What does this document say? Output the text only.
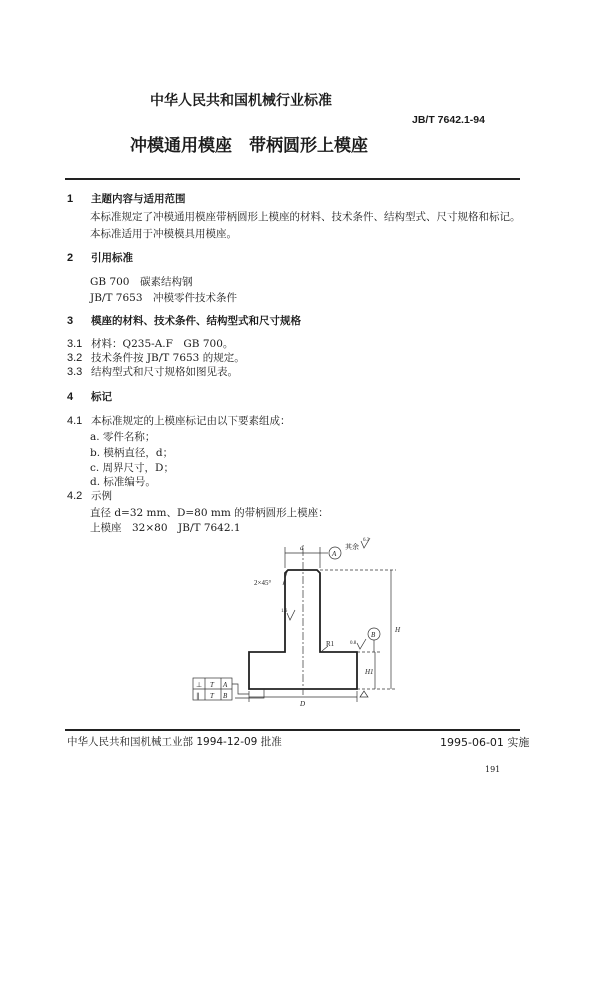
中华人民共和国机械行业标准
JB/T 7642.1-94
冲模通用模座　带柄圆形上模座
1 主题内容与适用范围
本标准规定了冲模通用模座带柄圆形上模座的材料、技术条件、结构型式、尺寸规格和标记。
本标准适用于冲模模具用模座。
2 引用标准
GB 700　碳素结构钢
JB/T 7653　冲模零件技术条件
3 模座的材料、技术条件、结构型式和尺寸规格
3.1 材料：Q235-A.F　GB 700。
3.2 技术条件按 JB/T 7653 的规定。
3.3 结构型式和尺寸规格如图见表。
4 标记
4.1 本标准规定的上模座标记由以下要素组成：
a. 零件名称；
b. 模柄直径，d；
c. 周界尺寸，D；
d. 标准编号。
4.2 示例
直径 d=32 mm、D=80 mm 的带柄圆形上模座：
上模座　32×80　JB/T 7642.1
d
A
其余
6.3
2×45°
1.6
R1
B
0.8
H
H1
D
⊥
∥
T
T
A
B
中华人民共和国机械工业部 1994-12-09 批准	1995-06-01 实施
191
